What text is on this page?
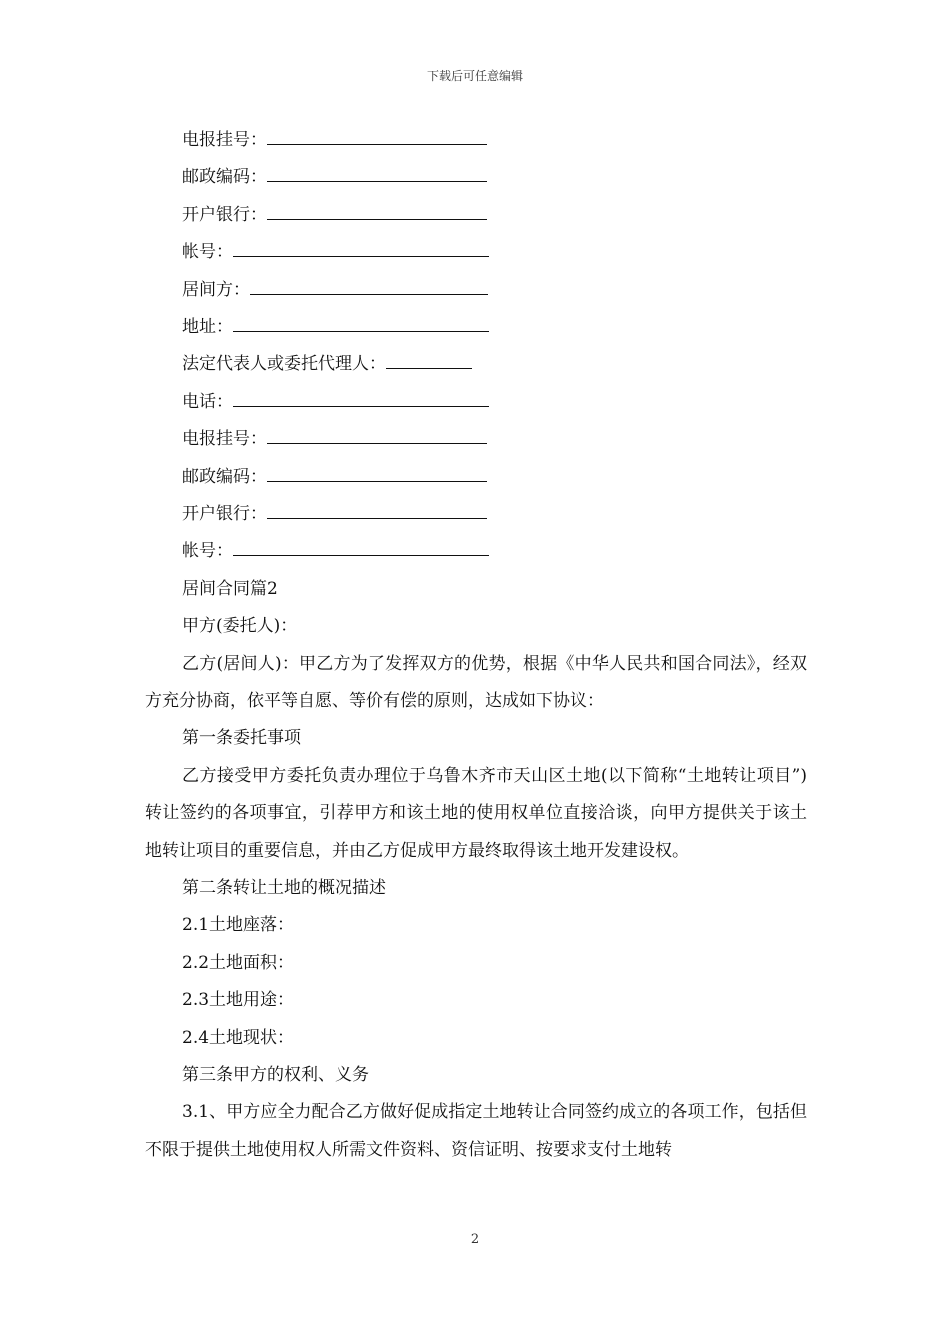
下载后可任意编辑
电报挂号：
邮政编码：
开户银行：
帐号：
居间方：
地址：
法定代表人或委托代理人：
电话：
电报挂号：
邮政编码：
开户银行：
帐号：
居间合同篇2
甲方(委托人)：
乙方(居间人)：甲乙方为了发挥双方的优势，根据《中华人民共和国合同法》，经双方充分协商，依平等自愿、等价有偿的原则，达成如下协议：
第一条委托事项
乙方接受甲方委托负责办理位于乌鲁木齐市天山区土地(以下简称“土地转让项目”)转让签约的各项事宜，引荐甲方和该土地的使用权单位直接洽谈，向甲方提供关于该土地转让项目的重要信息，并由乙方促成甲方最终取得该土地开发建设权。
第二条转让土地的概况描述
2.1土地座落：
2.2土地面积：
2.3土地用途：
2.4土地现状：
第三条甲方的权利、义务
3.1、甲方应全力配合乙方做好促成指定土地转让合同签约成立的各项工作，包括但不限于提供土地使用权人所需文件资料、资信证明、按要求支付土地转
2
